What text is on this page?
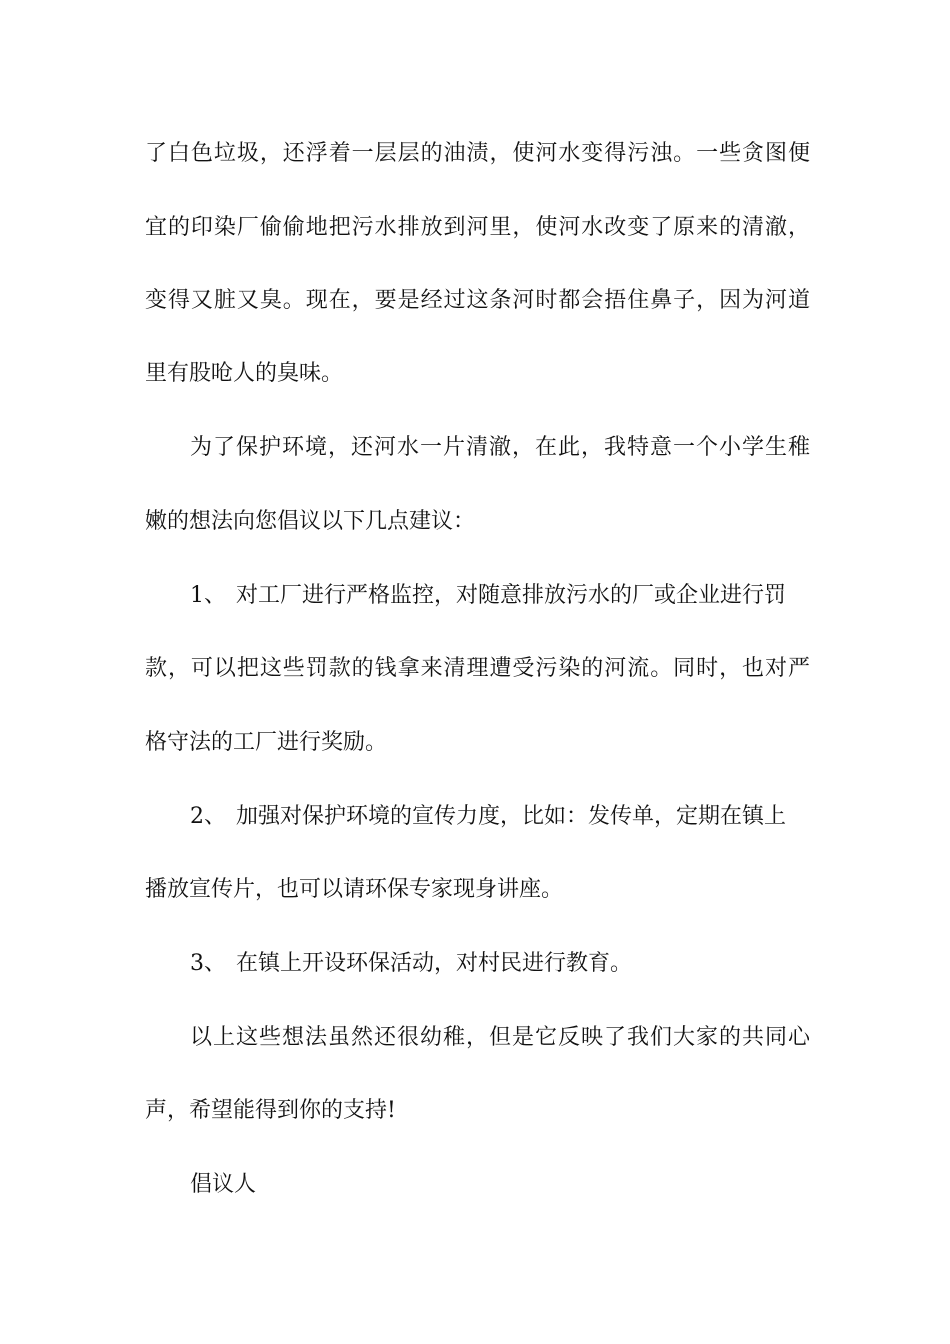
了白色垃圾，还浮着一层层的油渍，使河水变得污浊。一些贪图便
宜的印染厂偷偷地把污水排放到河里，使河水改变了原来的清澈，
变得又脏又臭。现在，要是经过这条河时都会捂住鼻子，因为河道
里有股呛人的臭味。
为了保护环境，还河水一片清澈，在此，我特意一个小学生稚
嫩的想法向您倡议以下几点建议：
1、 对工厂进行严格监控，对随意排放污水的厂或企业进行罚
款，可以把这些罚款的钱拿来清理遭受污染的河流。同时，也对严
格守法的工厂进行奖励。
2、 加强对保护环境的宣传力度，比如：发传单，定期在镇上
播放宣传片，也可以请环保专家现身讲座。
3、 在镇上开设环保活动，对村民进行教育。
以上这些想法虽然还很幼稚，但是它反映了我们大家的共同心
声，希望能得到你的支持!
倡议人
